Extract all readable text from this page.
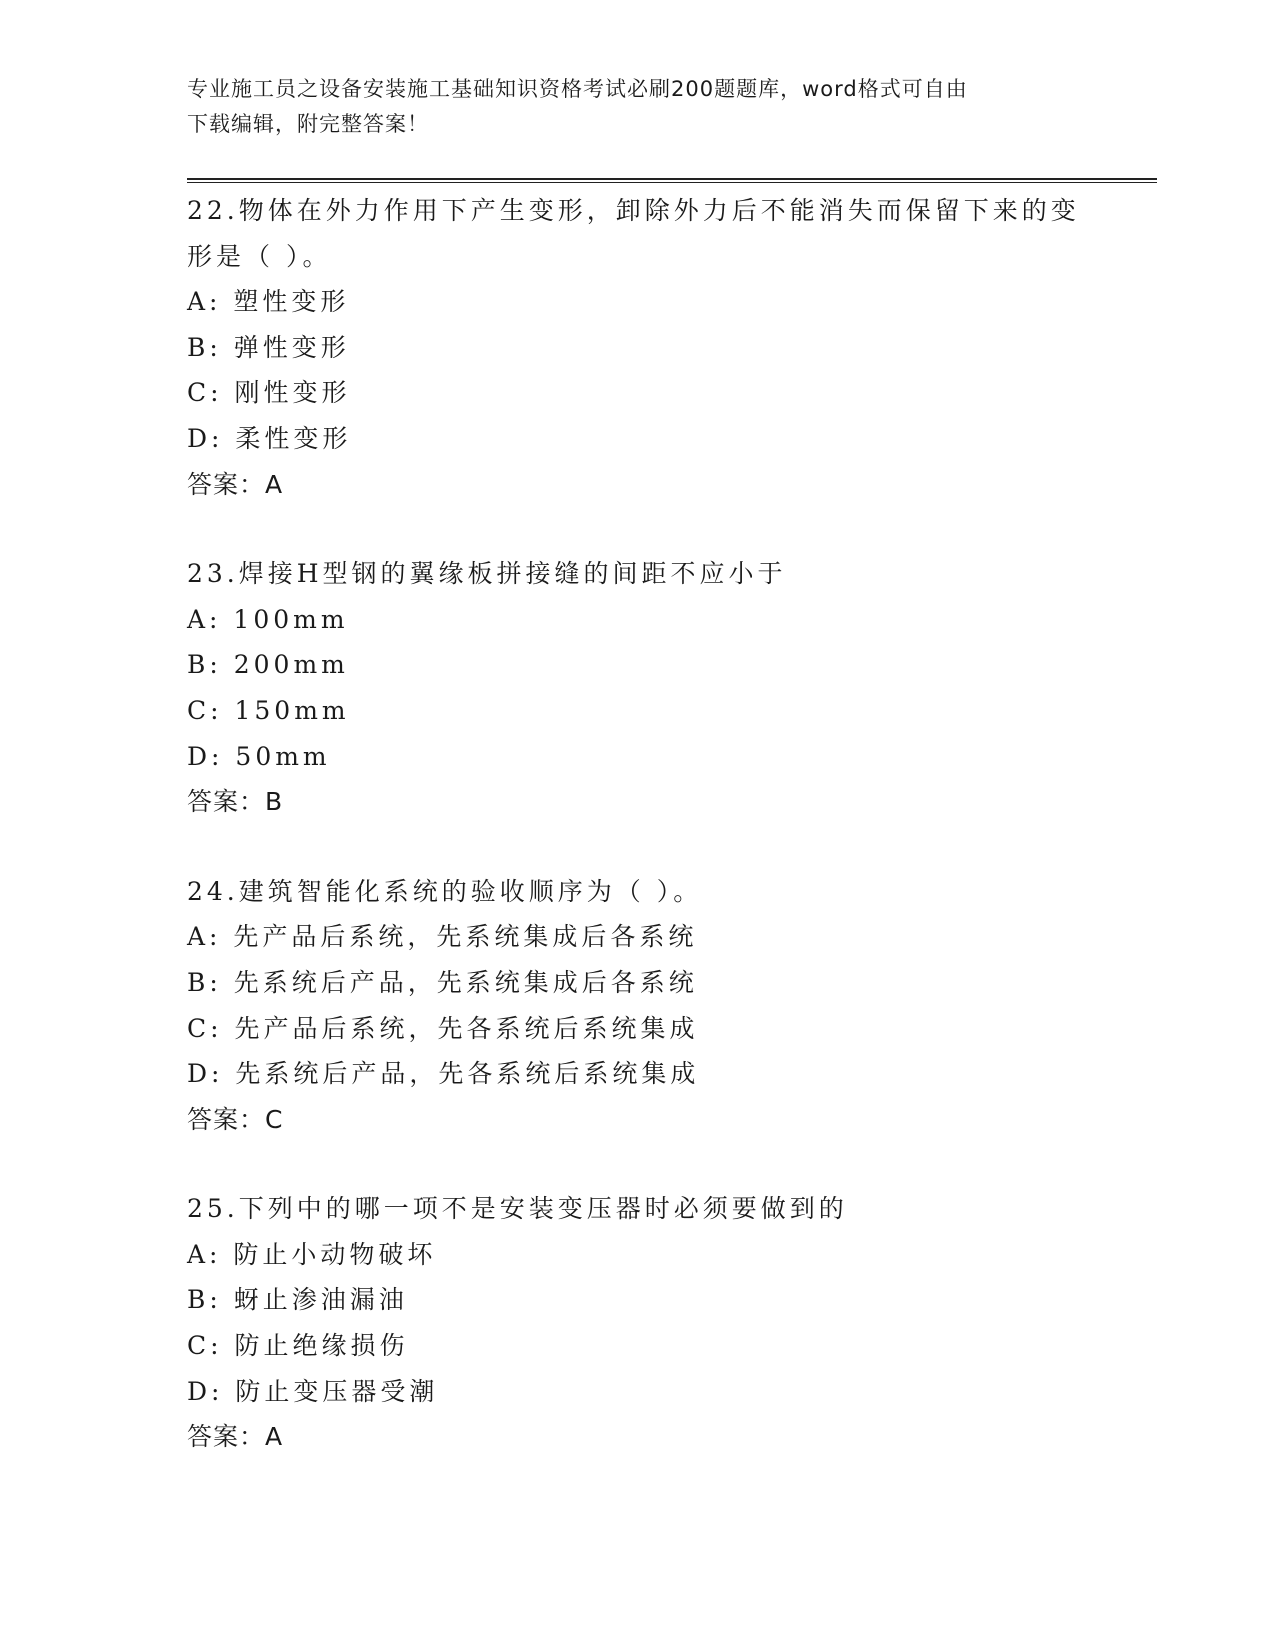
专业施工员之设备安装施工基础知识资格考试必刷200题题库，word格式可自由
下载编辑，附完整答案！
22.物体在外力作用下产生变形，卸除外力后不能消失而保留下来的变
形是（ ）。
A: 塑性变形
B: 弹性变形
C: 刚性变形
D: 柔性变形
答案：A
23.焊接H型钢的翼缘板拼接缝的间距不应小于
A: 100mm
B: 200mm
C: 150mm
D: 50mm
答案：B
24.建筑智能化系统的验收顺序为（ ）。
A: 先产品后系统，先系统集成后各系统
B: 先系统后产品，先系统集成后各系统
C: 先产品后系统，先各系统后系统集成
D: 先系统后产品，先各系统后系统集成
答案：C
25.下列中的哪一项不是安装变压器时必须要做到的
A: 防止小动物破坏
B: 蚜止渗油漏油
C: 防止绝缘损伤
D: 防止变压器受潮
答案：A
